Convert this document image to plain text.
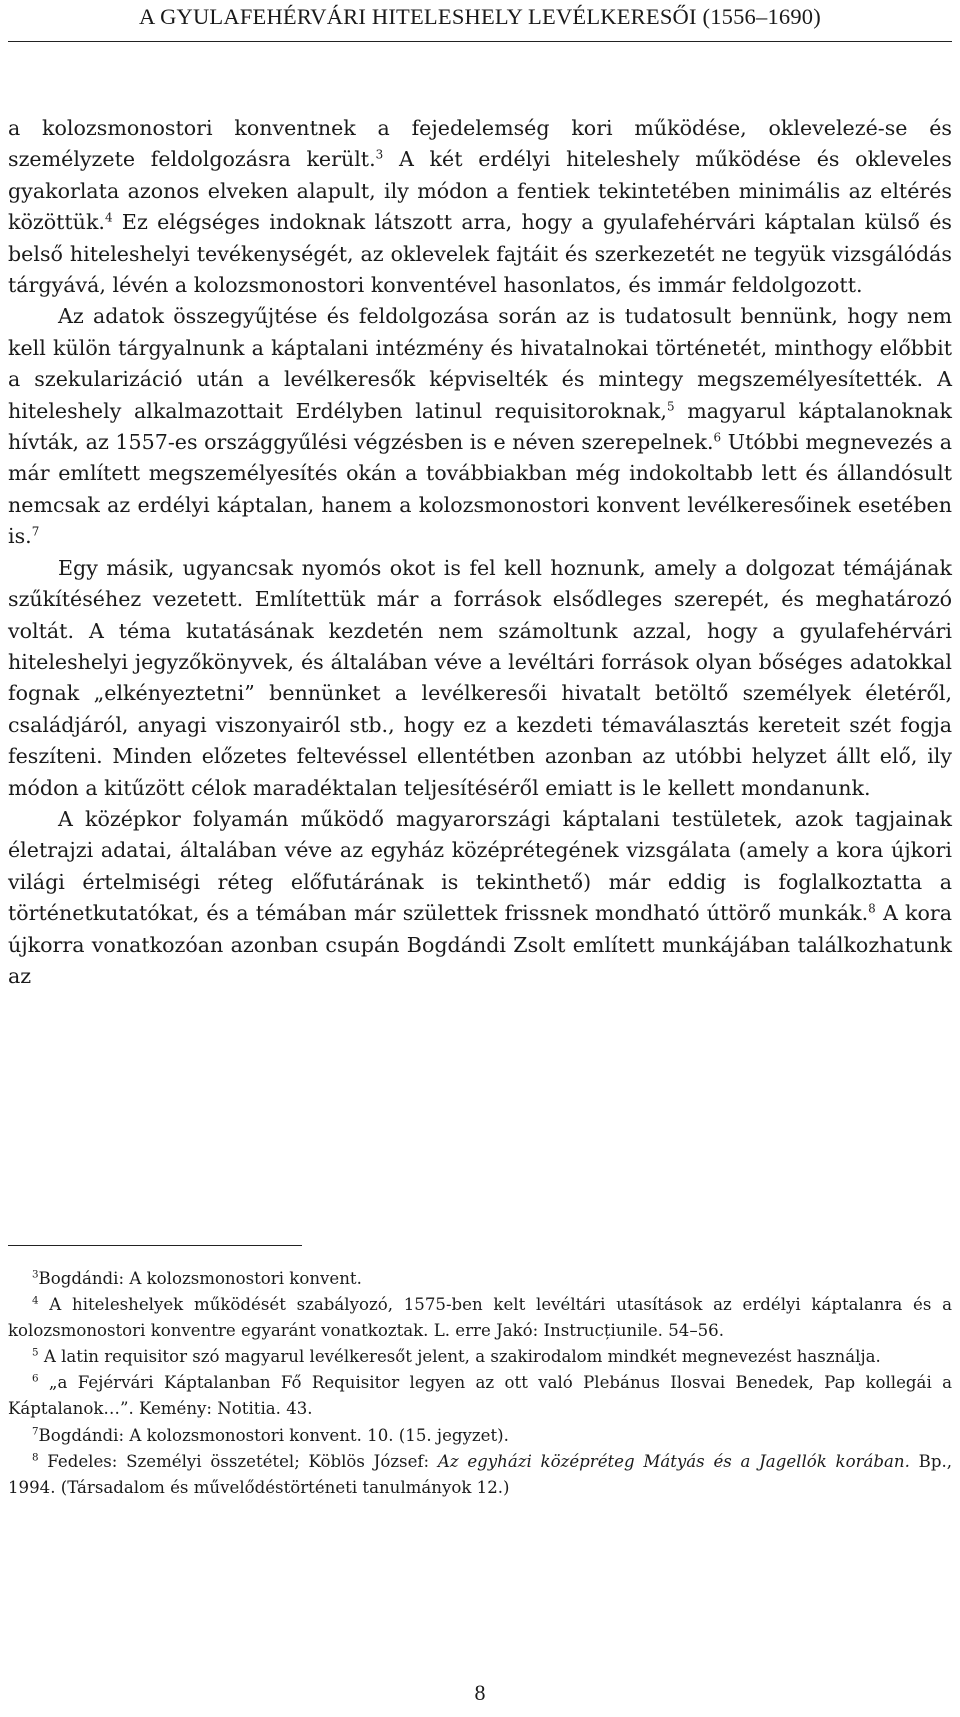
A GYULAFEHÉRVÁRI HITELESHELY LEVÉLKERESŐI (1556–1690)

a kolozsmonostori konventnek a fejedelemség kori működése, oklevelezé-se és személyzete feldolgozásra került.$^3$ A két erdélyi hiteleshely működése és okleveles gyakorlata azonos elveken alapult, ily módon a fentiek tekintetében minimális az eltérés közöttük.$^4$ Ez elégséges indoknak látszott arra, hogy a gyulafehérvári káptalan külső és belső hiteleshelyi tevékenységét, az oklevelek fajtáit és szerkezetét ne tegyük vizsgálódás tárgyává, lévén a kolozsmonostori konventével hasonlatos, és immár feldolgozott.

Az adatok összegyűjtése és feldolgozása során az is tudatosult bennünk, hogy nem kell külön tárgyalnunk a káptalani intézmény és hivatalnokai történetét, minthogy előbbit a szekularizáció után a levélkeresők képviselték és mintegy megszemélyesítették. A hiteleshely alkalmazottait Erdélyben latinul requisitoroknak,$^5$ magyarul káptalanoknak hívták, az 1557-es országgyűlési végzésben is e néven szerepelnek.$^6$ Utóbbi megnevezés a már említett megszemélyesítés okán a továbbiakban még indokoltabb lett és állandósult nemcsak az erdélyi káptalan, hanem a kolozsmonostori konvent levélkeresőinek esetében is.$^7$

Egy másik, ugyancsak nyomós okot is fel kell hoznunk, amely a dolgozat témájának szűkítéséhez vezetett. Említettük már a források elsődleges szerepét, és meghatározó voltát. A téma kutatásának kezdetén nem számoltunk azzal, hogy a gyulafehérvári hiteleshelyi jegyzőkönyvek, és általában véve a levéltári források olyan bőséges adatokkal fognak „elkényeztetni” bennünket a levélkeresői hivatalt betöltő személyek életéről, családjáról, anyagi viszonyairól stb., hogy ez a kezdeti témaválasztás kereteit szét fogja feszíteni. Minden előzetes feltevéssel ellentétben azonban az utóbbi helyzet állt elő, ily módon a kitűzött célok maradéktalan teljesítéséről emiatt is le kellett mondanunk.

A középkor folyamán működő magyarországi káptalani testületek, azok tagjainak életrajzi adatai, általában véve az egyház középrétegének vizsgálata (amely a kora újkori világi értelmiségi réteg előfutárának is tekinthető) már eddig is foglalkoztatta a történetkutatókat, és a témában már születtek frissnek mondható úttörő munkák.$^8$ A kora újkorra vonatkozóan azonban csupán Bogdándi Zsolt említett munkájában találkozhatunk az

$^3$Bogdándi: A kolozsmonostori konvent.

$^4$ A hiteleshelyek működését szabályozó, 1575-ben kelt levéltári utasítások az erdélyi káptalanra és a kolozsmonostori konventre egyaránt vonatkoztak. L. erre Jakó: Instrucțiunile. 54–56.

$^5$ A latin requisitor szó magyarul levélkeresőt jelent, a szakirodalom mindkét megnevezést használja.

$^6$ „a Fejérvári Káptalanban Fő Requisitor legyen az ott való Plebánus Ilosvai Benedek, Pap kollegái a Káptalanok…”. Kemény: Notitia. 43.

$^7$Bogdándi: A kolozsmonostori konvent. 10. (15. jegyzet).

$^8$ Fedeles: Személyi összetétel; Köblös József: Az egyházi középréteg Mátyás és a Jagellók korában. Bp., 1994. (Társadalom és művelődéstörténeti tanulmányok 12.)

8
